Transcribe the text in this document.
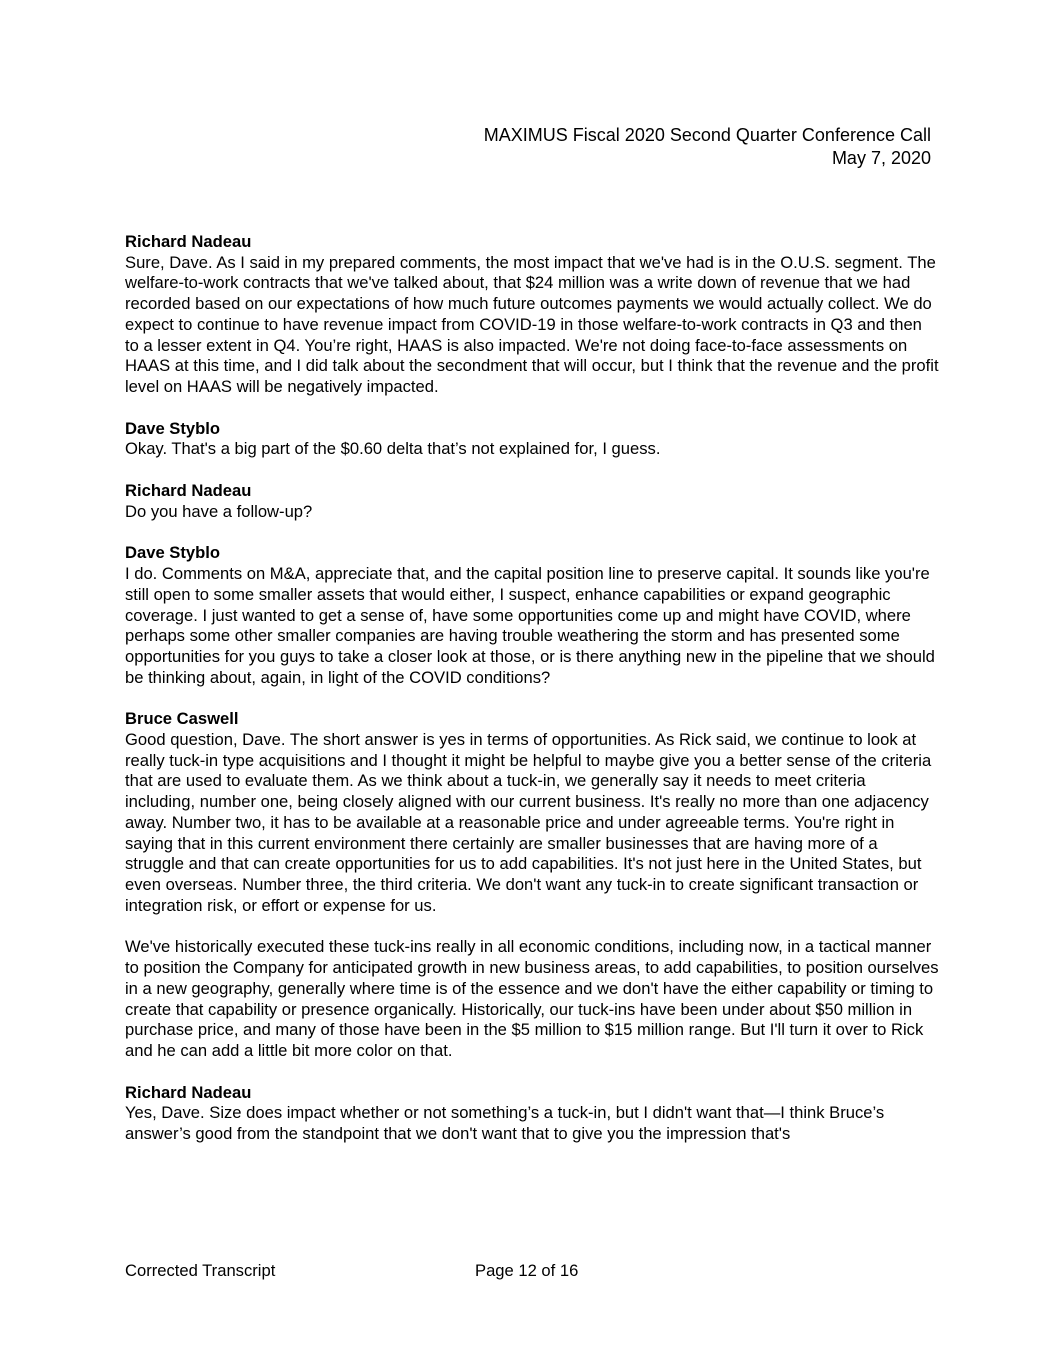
MAXIMUS Fiscal 2020 Second Quarter Conference Call
May 7, 2020

Richard Nadeau

Sure, Dave. As I said in my prepared comments, the most impact that we've had is in the O.U.S. segment. The welfare-to-work contracts that we've talked about, that $24 million was a write down of revenue that we had recorded based on our expectations of how much future outcomes payments we would actually collect. We do expect to continue to have revenue impact from COVID-19 in those welfare-to-work contracts in Q3 and then to a lesser extent in Q4. You’re right, HAAS is also impacted. We're not doing face-to-face assessments on HAAS at this time, and I did talk about the secondment that will occur, but I think that the revenue and the profit level on HAAS will be negatively impacted.

Dave Styblo

Okay. That's a big part of the $0.60 delta that’s not explained for, I guess.

Richard Nadeau

Do you have a follow-up?

Dave Styblo

I do. Comments on M&A, appreciate that, and the capital position line to preserve capital. It sounds like you're still open to some smaller assets that would either, I suspect, enhance capabilities or expand geographic coverage. I just wanted to get a sense of, have some opportunities come up and might have COVID, where perhaps some other smaller companies are having trouble weathering the storm and has presented some opportunities for you guys to take a closer look at those, or is there anything new in the pipeline that we should be thinking about, again, in light of the COVID conditions?

Bruce Caswell

Good question, Dave. The short answer is yes in terms of opportunities. As Rick said, we continue to look at really tuck-in type acquisitions and I thought it might be helpful to maybe give you a better sense of the criteria that are used to evaluate them. As we think about a tuck-in, we generally say it needs to meet criteria including, number one, being closely aligned with our current business. It's really no more than one adjacency away. Number two, it has to be available at a reasonable price and under agreeable terms. You're right in saying that in this current environment there certainly are smaller businesses that are having more of a struggle and that can create opportunities for us to add capabilities. It's not just here in the United States, but even overseas. Number three, the third criteria. We don't want any tuck-in to create significant transaction or integration risk, or effort or expense for us.

We've historically executed these tuck-ins really in all economic conditions, including now, in a tactical manner to position the Company for anticipated growth in new business areas, to add capabilities, to position ourselves in a new geography, generally where time is of the essence and we don't have the either capability or timing to create that capability or presence organically. Historically, our tuck-ins have been under about $50 million in purchase price, and many of those have been in the $5 million to $15 million range. But I'll turn it over to Rick and he can add a little bit more color on that.

Richard Nadeau

Yes, Dave. Size does impact whether or not something’s a tuck-in, but I didn't want that—I think Bruce’s answer’s good from the standpoint that we don't want that to give you the impression that's

Corrected Transcript	Page 12 of 16
